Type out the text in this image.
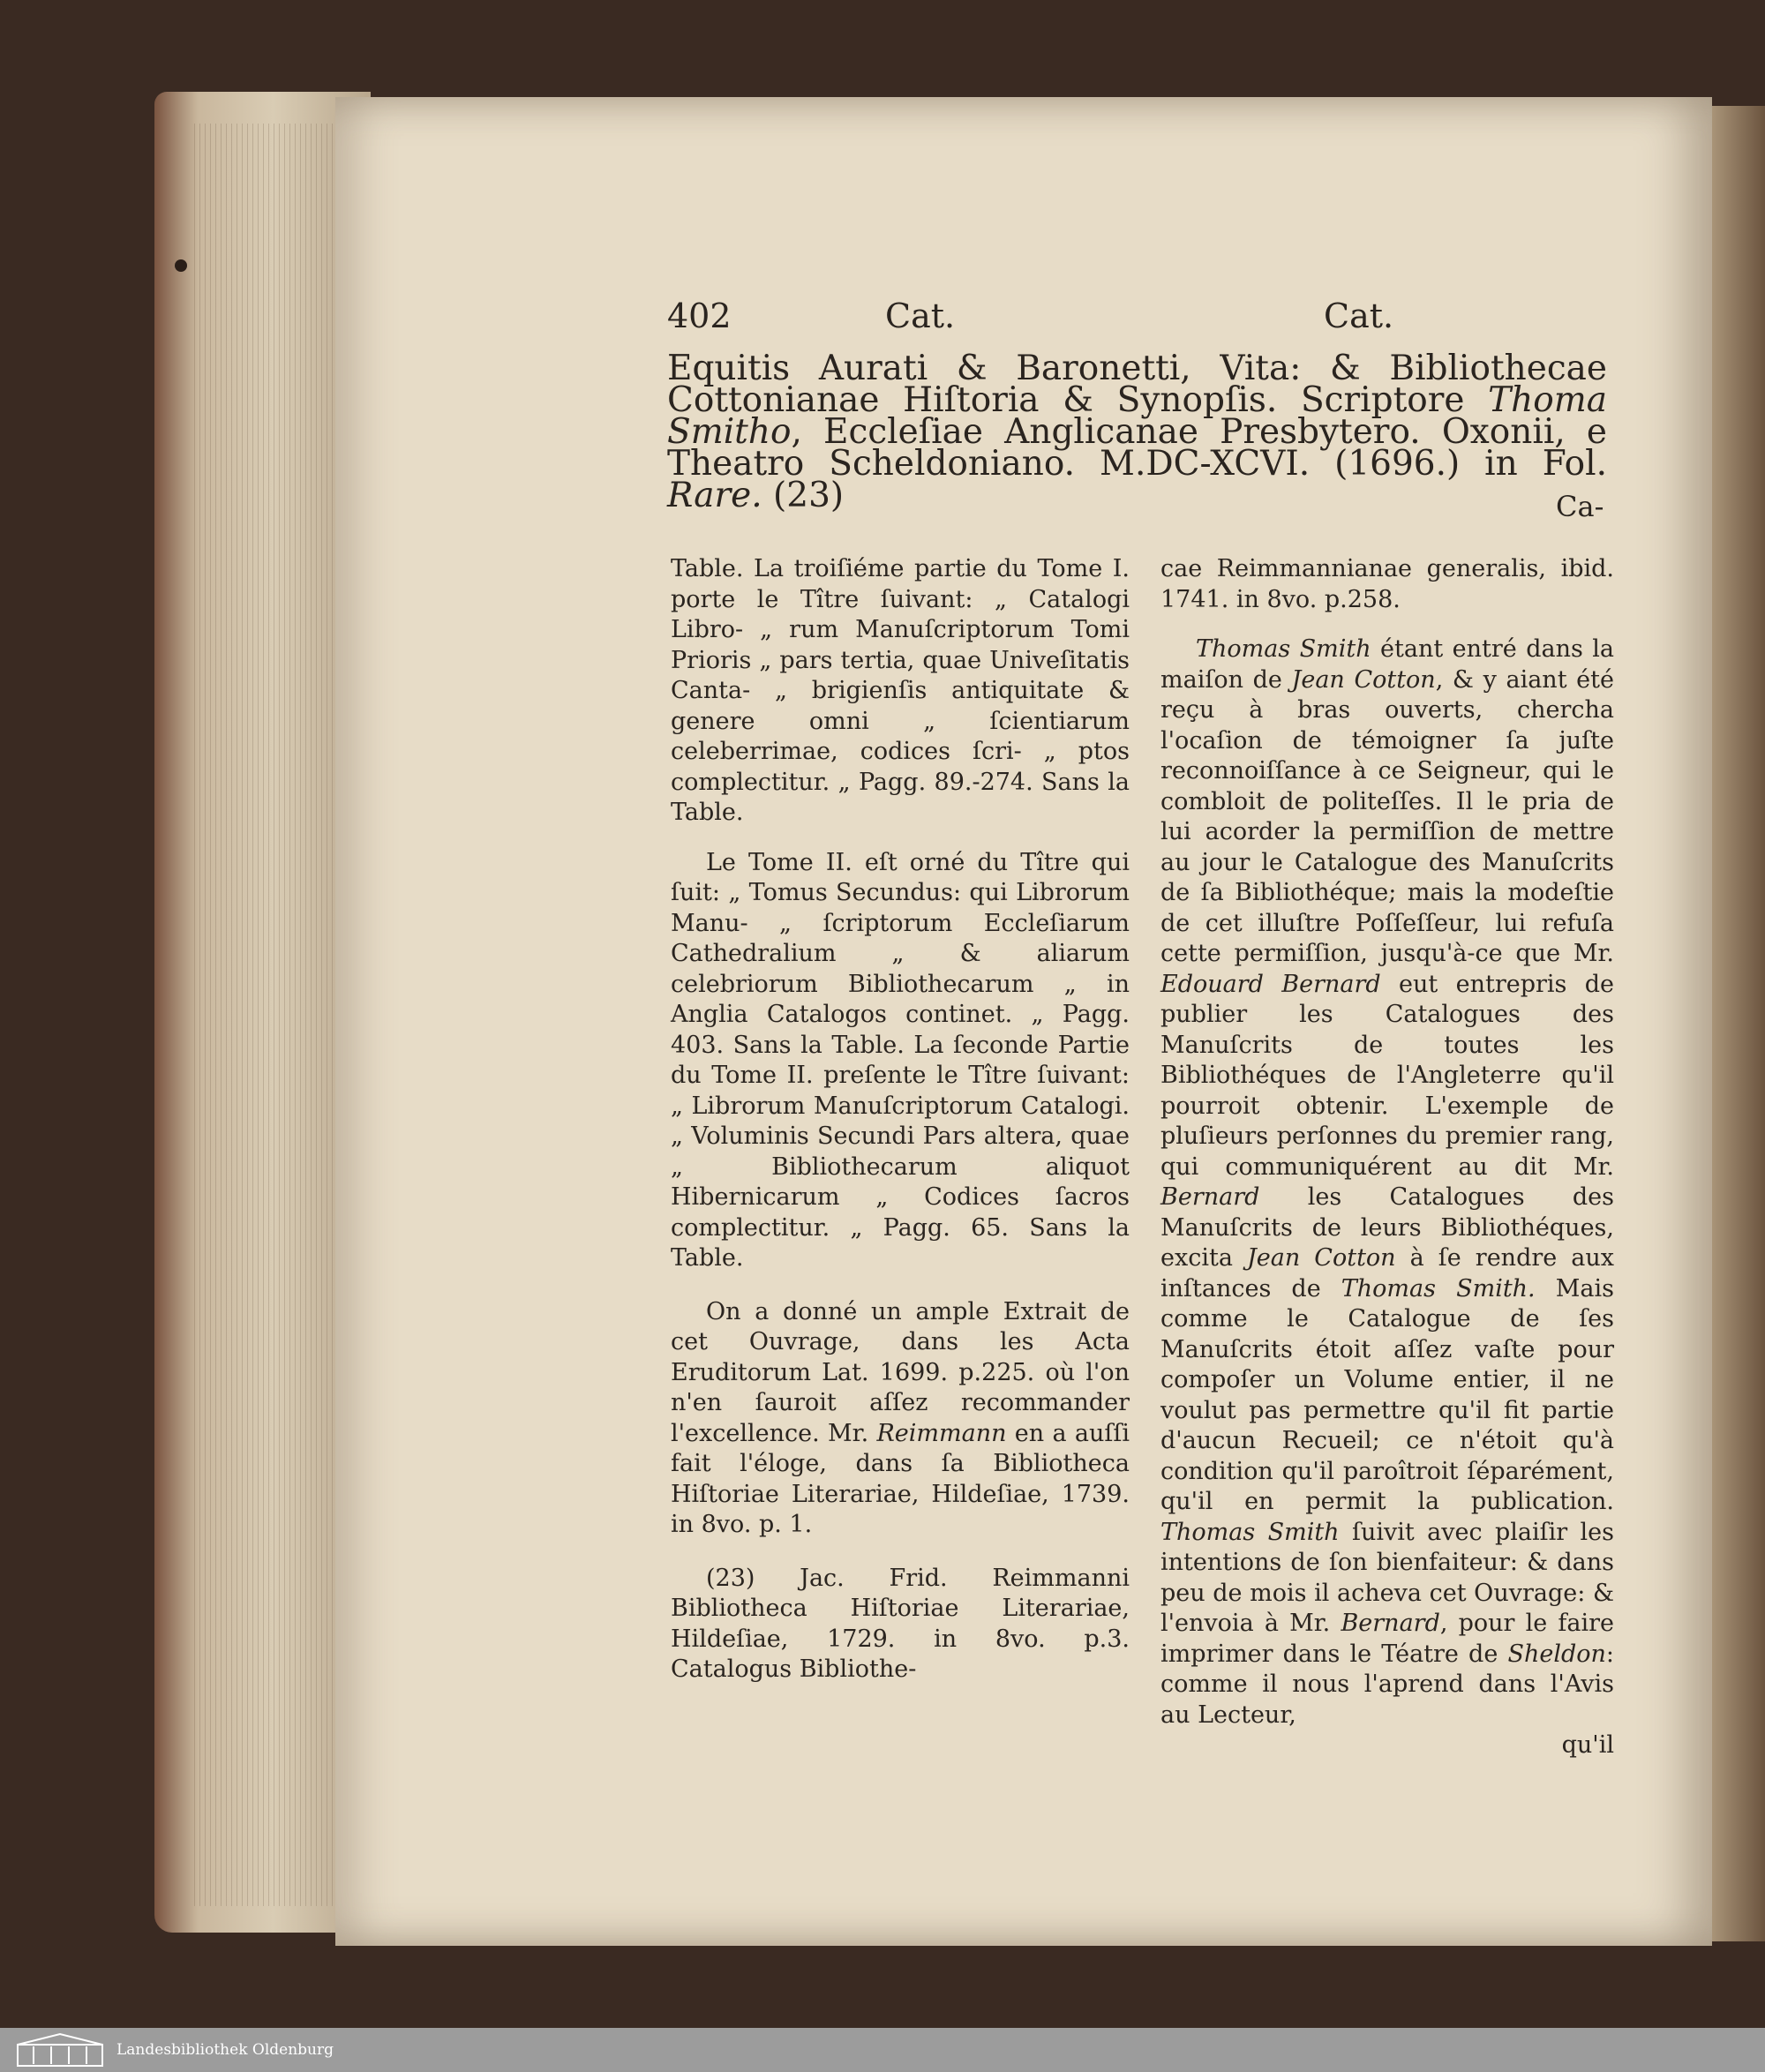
402	Cat.	Cat.

Equitis Aurati & Baronetti, Vita: & Bibliothecae Cottonianae Hiſtoria & Synopſis. Scriptore Thoma Smitho, Eccleſiae Anglicanae Presbytero. Oxonii, e Theatro Scheldoniano. M.DC-XCVI. (1696.) in Fol. Rare. (23)	Ca-

Table. La troiſiéme partie du Tome I. porte le Tître ſuivant: „ Catalogi Libro- „ rum Manuſcriptorum Tomi Prioris „ pars tertia, quae Univeſitatis Canta- „ brigienſis antiquitate & genere omni „ ſcientiarum celeberrimae, codices ſcri- „ ptos complectitur. „ Pagg. 89.-274. Sans la Table.

Le Tome II. eſt orné du Tître qui ſuit: „ Tomus Secundus: qui Librorum Manu- „ ſcriptorum Eccleſiarum Cathedralium „ & aliarum celebriorum Bibliothecarum „ in Anglia Catalogos continet. „ Pagg. 403. Sans la Table. La ſeconde Partie du Tome II. preſente le Tître ſuivant: „ Librorum Manuſcriptorum Catalogi. „ Voluminis Secundi Pars altera, quae „ Bibliothecarum aliquot Hibernicarum „ Codices ſacros complectitur. „ Pagg. 65. Sans la Table.

On a donné un ample Extrait de cet Ouvrage, dans les Acta Eruditorum Lat. 1699. p.225. où l'on n'en ſauroit aſſez recommander l'excellence. Mr. Reimmann en a auſſi fait l'éloge, dans ſa Bibliotheca Hiſtoriae Literariae, Hildeſiae, 1739. in 8vo. p. 1.

(23) Jac. Frid. Reimmanni Bibliotheca Hiſtoriae Literariae, Hildeſiae, 1729. in 8vo. p.3. Catalogus Bibliothe-

cae Reimmannianae generalis, ibid. 1741. in 8vo. p.258.

Thomas Smith étant entré dans la maiſon de Jean Cotton, & y aiant été reçu à bras ouverts, chercha l'ocaſion de témoigner ſa juſte reconnoiſſance à ce Seigneur, qui le combloit de politeſſes. Il le pria de lui acorder la permiſſion de mettre au jour le Catalogue des Manuſcrits de ſa Bibliothéque; mais la modeſtie de cet illuſtre Poſſeſſeur, lui refuſa cette permiſſion, jusqu'à-ce que Mr. Edouard Bernard eut entrepris de publier les Catalogues des Manuſcrits de toutes les Bibliothéques de l'Angleterre qu'il pourroit obtenir. L'exemple de pluſieurs perſonnes du premier rang, qui communiquérent au dit Mr. Bernard les Catalogues des Manuſcrits de leurs Bibliothéques, excita Jean Cotton à ſe rendre aux inſtances de Thomas Smith. Mais comme le Catalogue de ſes Manuſcrits étoit aſſez vaſte pour compoſer un Volume entier, il ne voulut pas permettre qu'il fit partie d'aucun Recueil; ce n'étoit qu'à condition qu'il paroîtroit ſéparément, qu'il en permit la publication. Thomas Smith ſuivit avec plaiſir les intentions de ſon bienfaiteur: & dans peu de mois il acheva cet Ouvrage: & l'envoia à Mr. Bernard, pour le faire imprimer dans le Téatre de Sheldon: comme il nous l'aprend dans l'Avis au Lecteur,

qu'il
Landesbibliothek Oldenburg
